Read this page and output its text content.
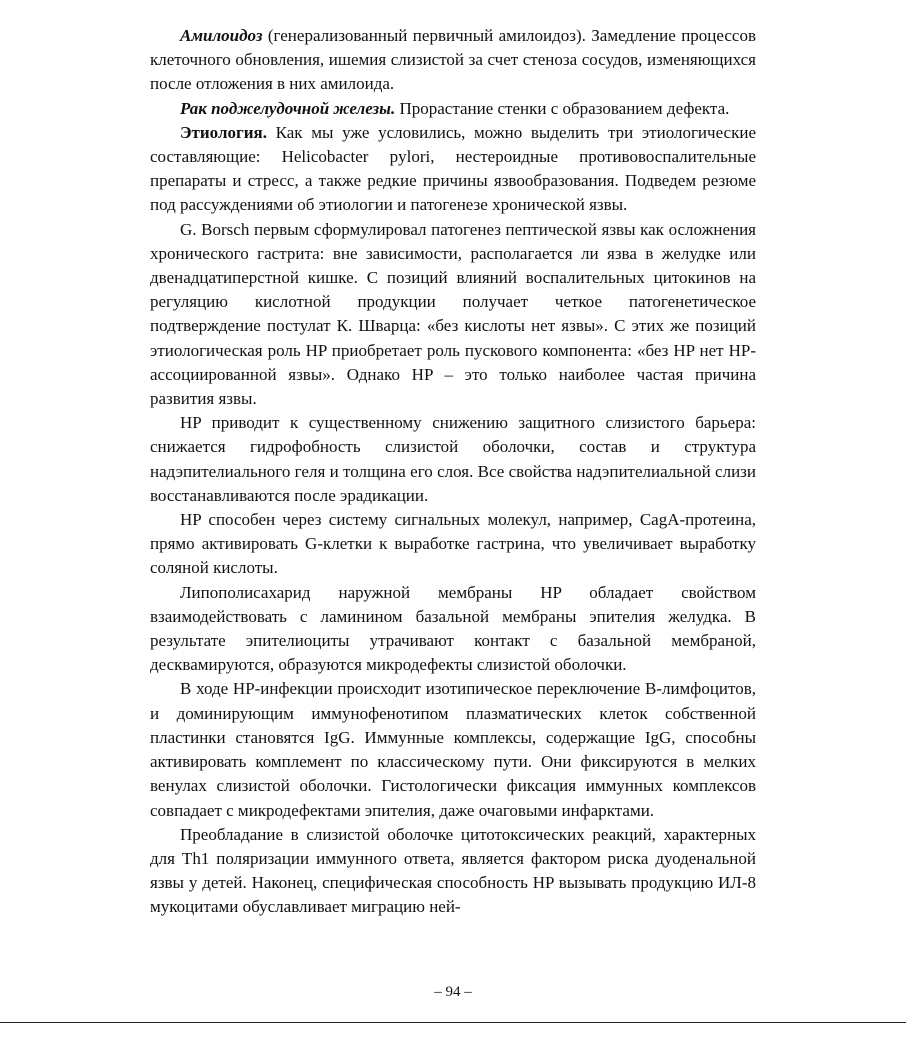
Амилоидоз (генерализованный первичный амилоидоз). Замедление процессов клеточного обновления, ишемия слизистой за счет стеноза сосудов, изменяющихся после отложения в них амилоида.

Рак поджелудочной железы. Прорастание стенки с образованием дефекта.

Этиология. Как мы уже условились, можно выделить три этиологические составляющие: Helicobacter pylori, нестероидные противовоспалительные препараты и стресс, а также редкие причины язвообразования. Подведем резюме под рассуждениями об этиологии и патогенезе хронической язвы.

G. Borsch первым сформулировал патогенез пептической язвы как осложнения хронического гастрита: вне зависимости, располагается ли язва в желудке или двенадцатиперстной кишке. С позиций влияний воспалительных цитокинов на регуляцию кислотной продукции получает четкое патогенетическое подтверждение постулат К. Шварца: «без кислоты нет язвы». С этих же позиций этиологическая роль HP приобретает роль пускового компонента: «без HP нет HP-ассоциированной язвы». Однако HP – это только наиболее частая причина развития язвы.

HP приводит к существенному снижению защитного слизистого барьера: снижается гидрофобность слизистой оболочки, состав и структура надэпителиального геля и толщина его слоя. Все свойства надэпителиальной слизи восстанавливаются после эрадикации.

HP способен через систему сигнальных молекул, например, CagA-протеина, прямо активировать G-клетки к выработке гастрина, что увеличивает выработку соляной кислоты.

Липополисахарид наружной мембраны HP обладает свойством взаимодействовать с ламинином базальной мембраны эпителия желудка. В результате эпителиоциты утрачивают контакт с базальной мембраной, десквамируются, образуются микродефекты слизистой оболочки.

В ходе HP-инфекции происходит изотипическое переключение В-лимфоцитов, и доминирующим иммунофенотипом плазматических клеток собственной пластинки становятся IgG. Иммунные комплексы, содержащие IgG, способны активировать комплемент по классическому пути. Они фиксируются в мелких венулах слизистой оболочки. Гистологически фиксация иммунных комплексов совпадает с микродефектами эпителия, даже очаговыми инфарктами.

Преобладание в слизистой оболочке цитотоксических реакций, характерных для Th1 поляризации иммунного ответа, является фактором риска дуоденальной язвы у детей. Наконец, специфическая способность HP вызывать продукцию ИЛ-8 мукоцитами обуславливает миграцию ней-

– 94 –
